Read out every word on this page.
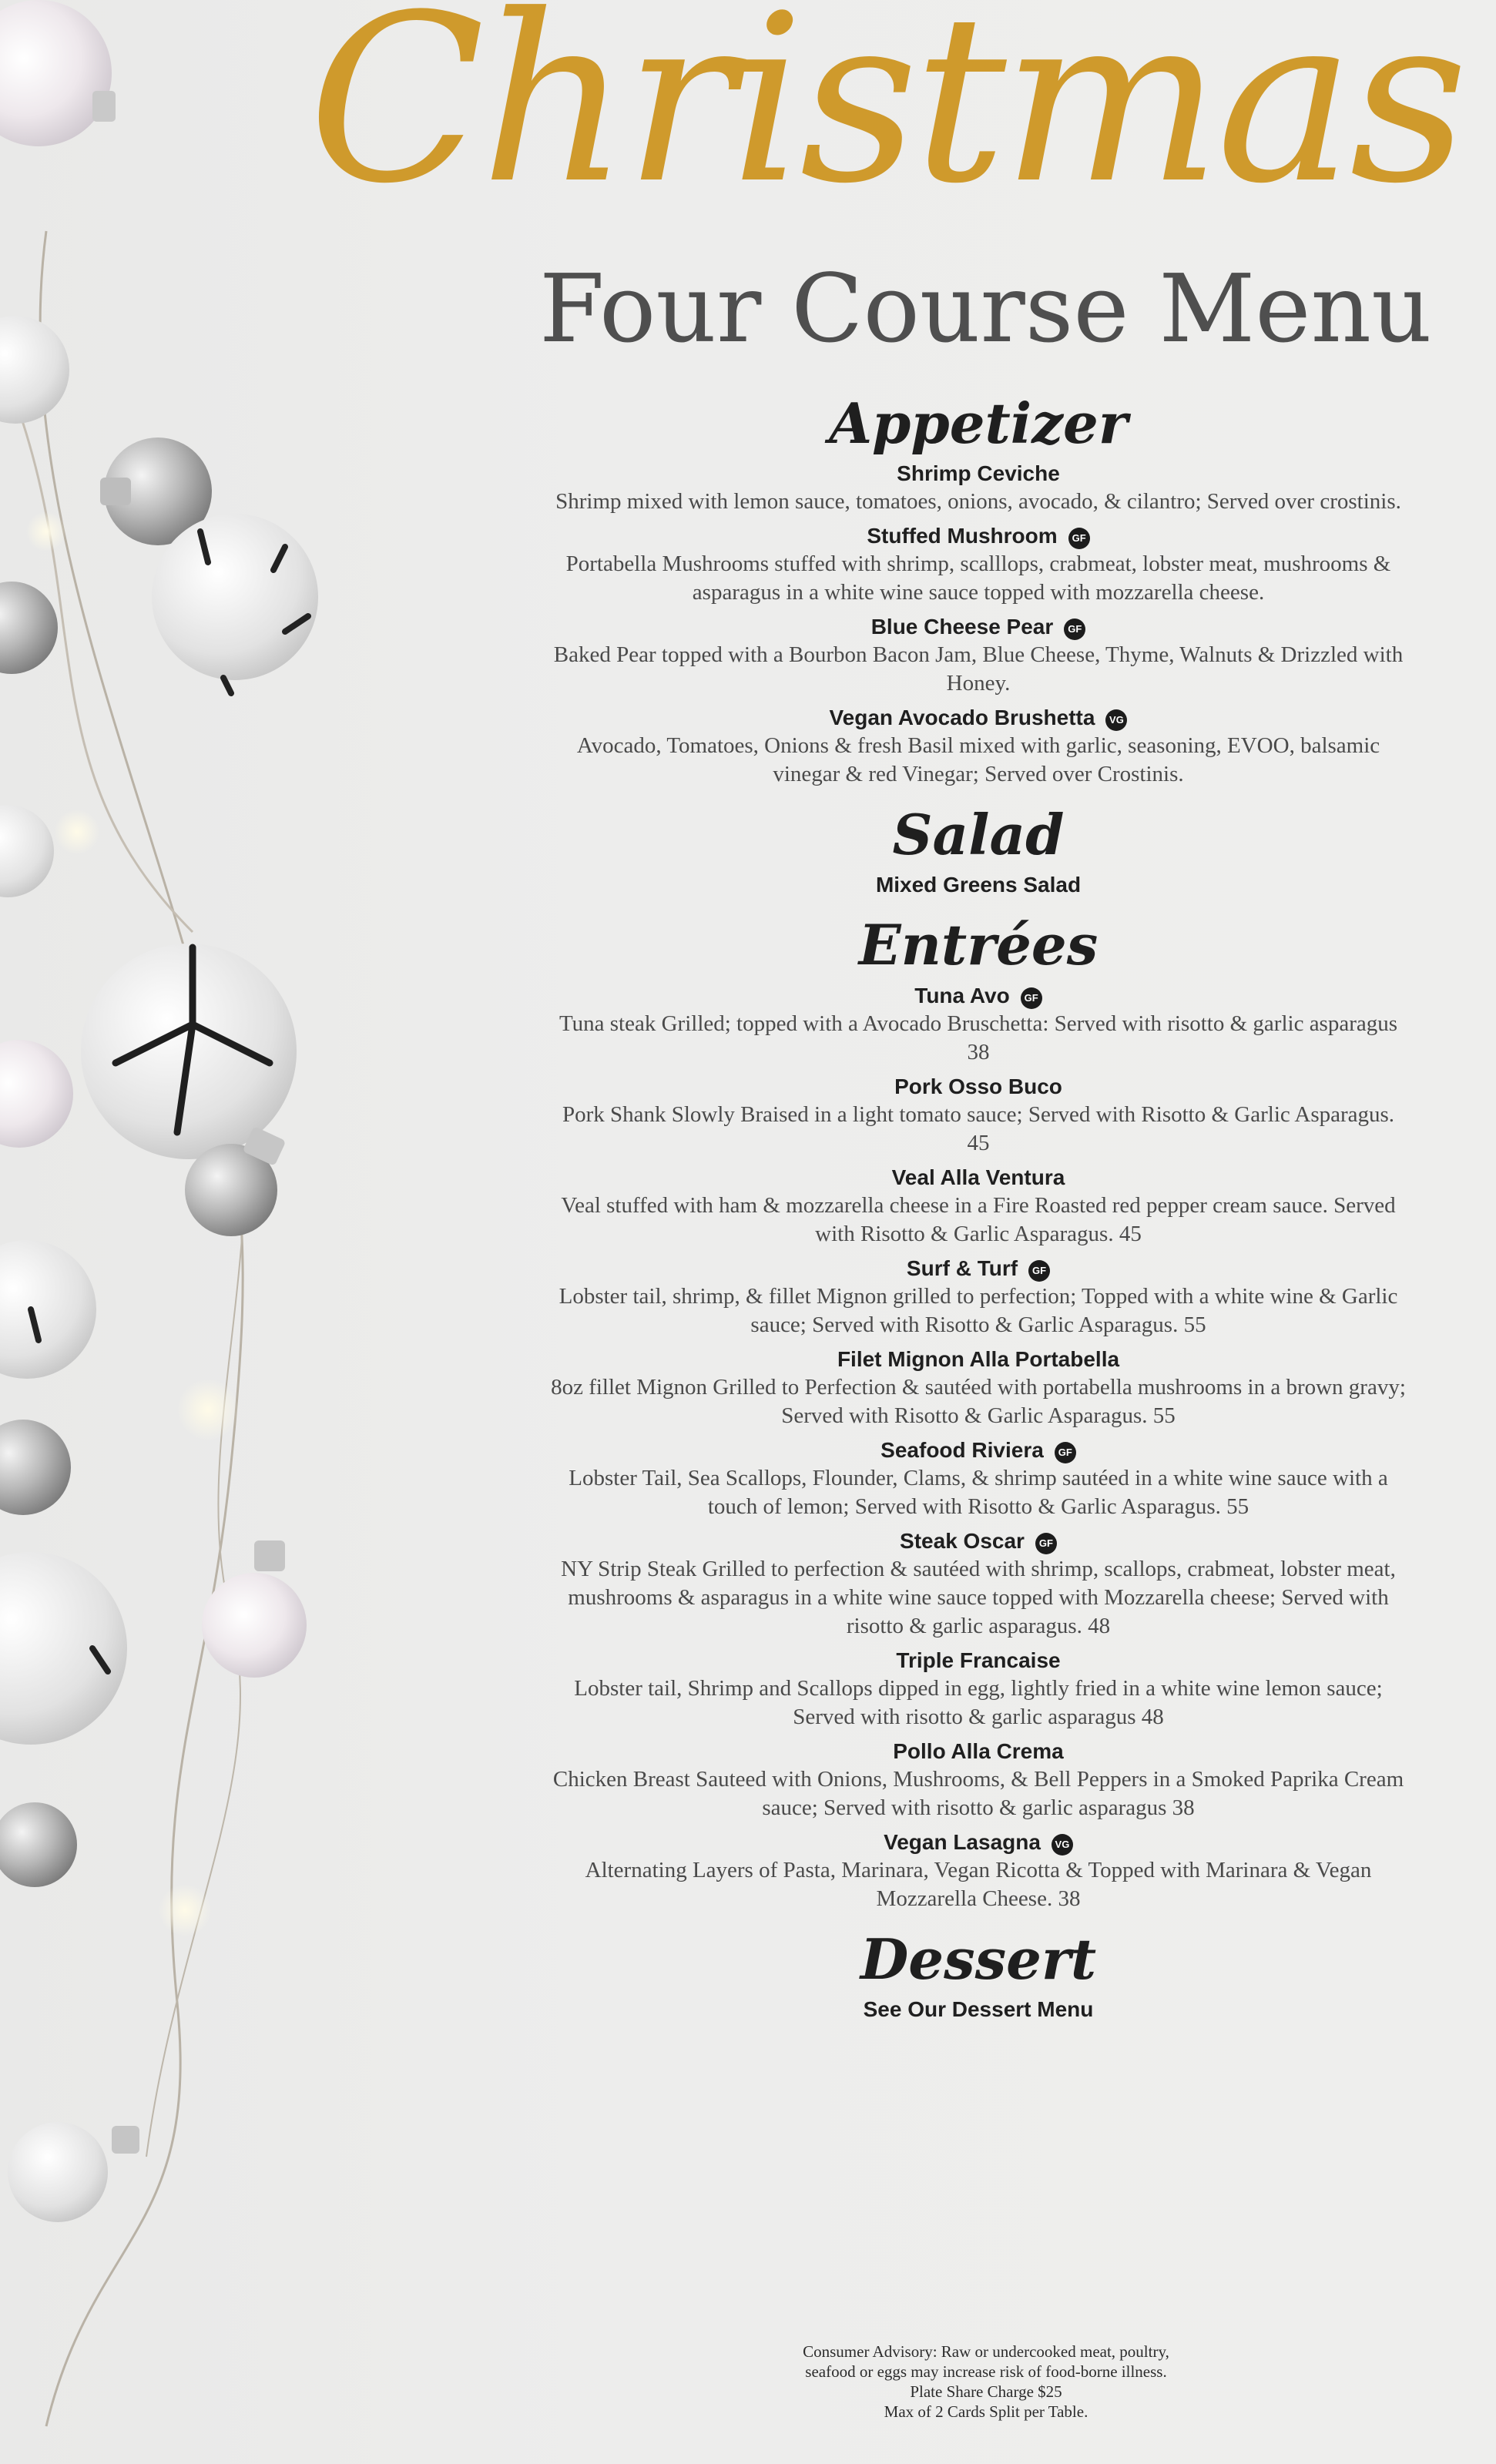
Christmas
Four Course Menu
Appetizer
Shrimp Ceviche
Shrimp mixed with lemon sauce, tomatoes, onions, avocado, & cilantro; Served over crostinis.
Stuffed Mushroom GF
Portabella Mushrooms stuffed with shrimp, scalllops, crabmeat, lobster meat, mushrooms & asparagus in a white wine sauce topped with mozzarella cheese.
Blue Cheese Pear GF
Baked Pear topped with a Bourbon Bacon Jam, Blue Cheese, Thyme, Walnuts & Drizzled with Honey.
Vegan Avocado Brushetta VG
Avocado, Tomatoes, Onions & fresh Basil mixed with garlic, seasoning, EVOO, balsamic vinegar & red Vinegar; Served over Crostinis.
Salad
Mixed Greens Salad
Entrées
Tuna Avo GF
Tuna steak Grilled; topped with a Avocado Bruschetta: Served with risotto & garlic asparagus 38
Pork Osso Buco
Pork Shank Slowly Braised in a light tomato sauce; Served with Risotto & Garlic Asparagus. 45
Veal Alla Ventura
Veal stuffed with ham & mozzarella cheese in a Fire Roasted red pepper cream sauce. Served with Risotto & Garlic Asparagus. 45
Surf & Turf GF
Lobster tail, shrimp, & fillet Mignon grilled to perfection; Topped with a white wine & Garlic sauce; Served with Risotto & Garlic Asparagus. 55
Filet Mignon Alla Portabella
8oz fillet Mignon Grilled to Perfection & sautéed with portabella mushrooms in a brown gravy; Served with Risotto & Garlic Asparagus. 55
Seafood Riviera GF
Lobster Tail, Sea Scallops, Flounder, Clams, & shrimp sautéed in a white wine sauce with a touch of lemon; Served with Risotto & Garlic Asparagus. 55
Steak Oscar GF
NY Strip Steak Grilled to perfection & sautéed with shrimp, scallops, crabmeat, lobster meat, mushrooms & asparagus in a white wine sauce topped with Mozzarella cheese; Served with risotto & garlic asparagus. 48
Triple Francaise
Lobster tail, Shrimp and Scallops dipped in egg, lightly fried in a white wine lemon sauce; Served with risotto & garlic asparagus 48
Pollo Alla Crema
Chicken Breast Sauteed with Onions, Mushrooms, & Bell Peppers in a Smoked Paprika Cream sauce; Served with risotto & garlic asparagus 38
Vegan Lasagna VG
Alternating Layers of Pasta, Marinara, Vegan Ricotta & Topped with Marinara & Vegan Mozzarella Cheese. 38
Dessert
See Our Dessert Menu
Consumer Advisory: Raw or undercooked meat, poultry,
seafood or eggs may increase risk of food-borne illness.
Plate Share Charge $25
Max of 2 Cards Split per Table.
